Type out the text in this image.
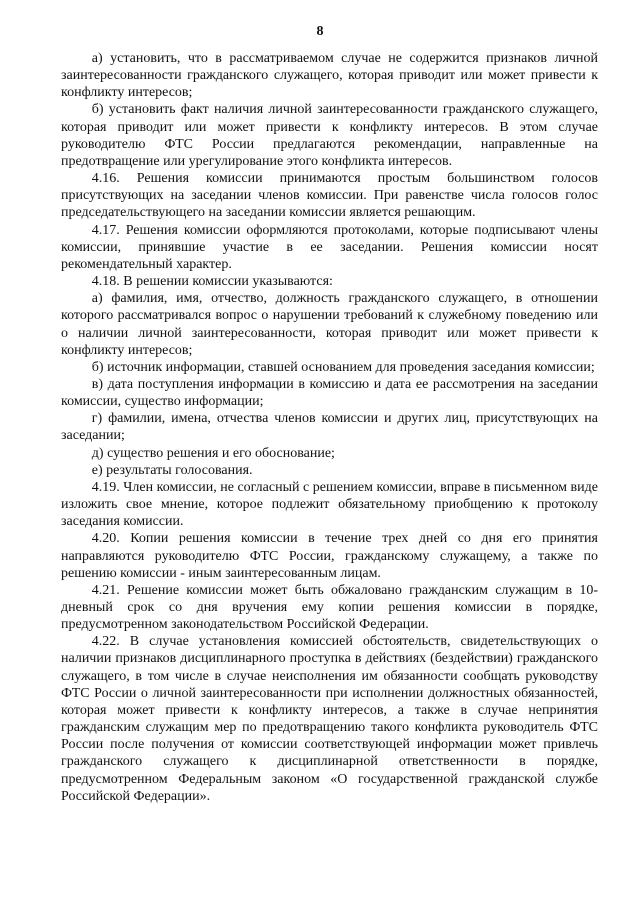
8

а) установить, что в рассматриваемом случае не содержится признаков личной заинтересованности гражданского служащего, которая приводит или может привести к конфликту интересов;

б) установить факт наличия личной заинтересованности гражданского служащего, которая приводит или может привести к конфликту интересов. В этом случае руководителю ФТС России предлагаются рекомендации, направленные на предотвращение или урегулирование этого конфликта интересов.

4.16. Решения комиссии принимаются простым большинством голосов присутствующих на заседании членов комиссии. При равенстве числа голосов голос председательствующего на заседании комиссии является решающим.

4.17. Решения комиссии оформляются протоколами, которые подписывают члены комиссии, принявшие участие в ее заседании. Решения комиссии носят рекомендательный характер.

4.18. В решении комиссии указываются:

а) фамилия, имя, отчество, должность гражданского служащего, в отношении которого рассматривался вопрос о нарушении требований к служебному поведению или о наличии личной заинтересованности, которая приводит или может привести к конфликту интересов;

б) источник информации, ставшей основанием для проведения заседания комиссии;

в) дата поступления информации в комиссию и дата ее рассмотрения на заседании комиссии, существо информации;

г) фамилии, имена, отчества членов комиссии и других лиц, присутствующих на заседании;

д) существо решения и его обоснование;

е) результаты голосования.

4.19. Член комиссии, не согласный с решением комиссии, вправе в письменном виде изложить свое мнение, которое подлежит обязательному приобщению к протоколу заседания комиссии.

4.20. Копии решения комиссии в течение трех дней со дня его принятия направляются руководителю ФТС России, гражданскому служащему, а также по решению комиссии - иным заинтересованным лицам.

4.21. Решение комиссии может быть обжаловано гражданским служащим в 10-дневный срок со дня вручения ему копии решения комиссии в порядке, предусмотренном законодательством Российской Федерации.

4.22. В случае установления комиссией обстоятельств, свидетельствующих о наличии признаков дисциплинарного проступка в действиях (бездействии) гражданского служащего, в том числе в случае неисполнения им обязанности сообщать руководству ФТС России о личной заинтересованности при исполнении должностных обязанностей, которая может привести к конфликту интересов, а также в случае непринятия гражданским служащим мер по предотвращению такого конфликта руководитель ФТС России после получения от комиссии соответствующей информации может привлечь гражданского служащего к дисциплинарной ответственности в порядке, предусмотренном Федеральным законом «О государственной гражданской службе Российской Федерации».
